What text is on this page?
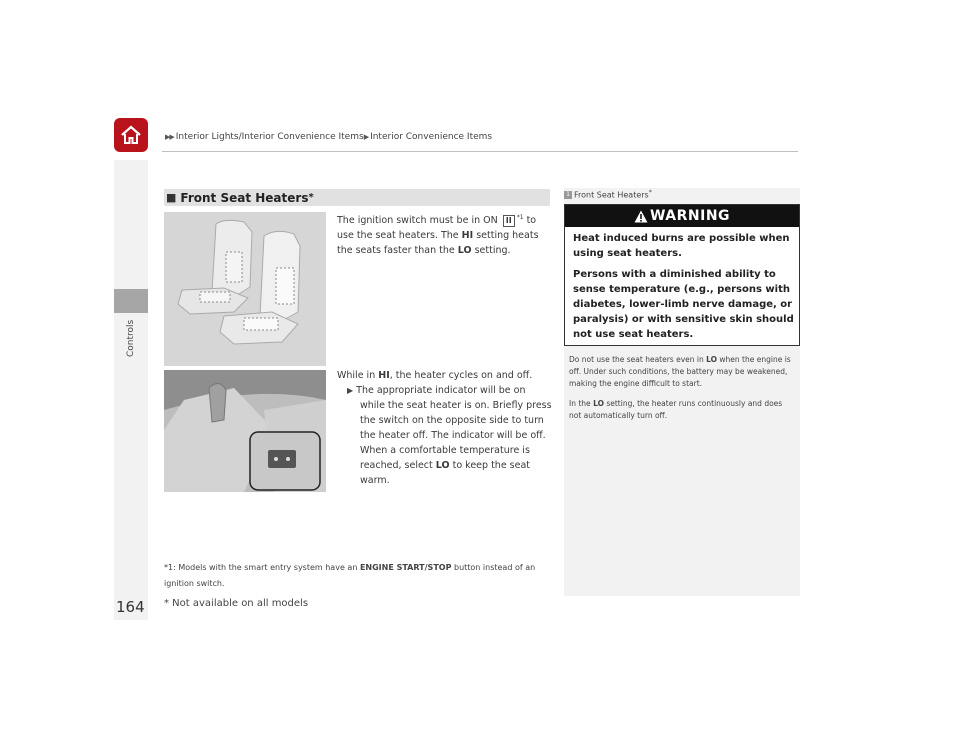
▶▶ Interior Lights/Interior Convenience Items▶ Interior Convenience Items
Controls
■ Front Seat Heaters *
The ignition switch must be in ON II $^{*1}$ to use the seat heaters. The HI setting heats the seats faster than the LO setting.
While in HI, the heater cycles on and off.
▶ The appropriate indicator will be on while the seat heater is on. Briefly press the switch on the opposite side to turn the heater off. The indicator will be off. When a comfortable temperature is reached, select LO to keep the seat warm.
*1: Models with the smart entry system have an ENGINE START/STOP button instead of an ignition switch.
1 Front Seat Heaters*
WARNING

Heat induced burns are possible when using seat heaters.

Persons with a diminished ability to sense temperature (e.g., persons with diabetes, lower-limb nerve damage, or paralysis) or with sensitive skin should not use seat heaters.

Do not use the seat heaters even in LO when the engine is off. Under such conditions, the battery may be weakened, making the engine difficult to start.

In the LO setting, the heater runs continuously and does not automatically turn off.

164 * Not available on all models
